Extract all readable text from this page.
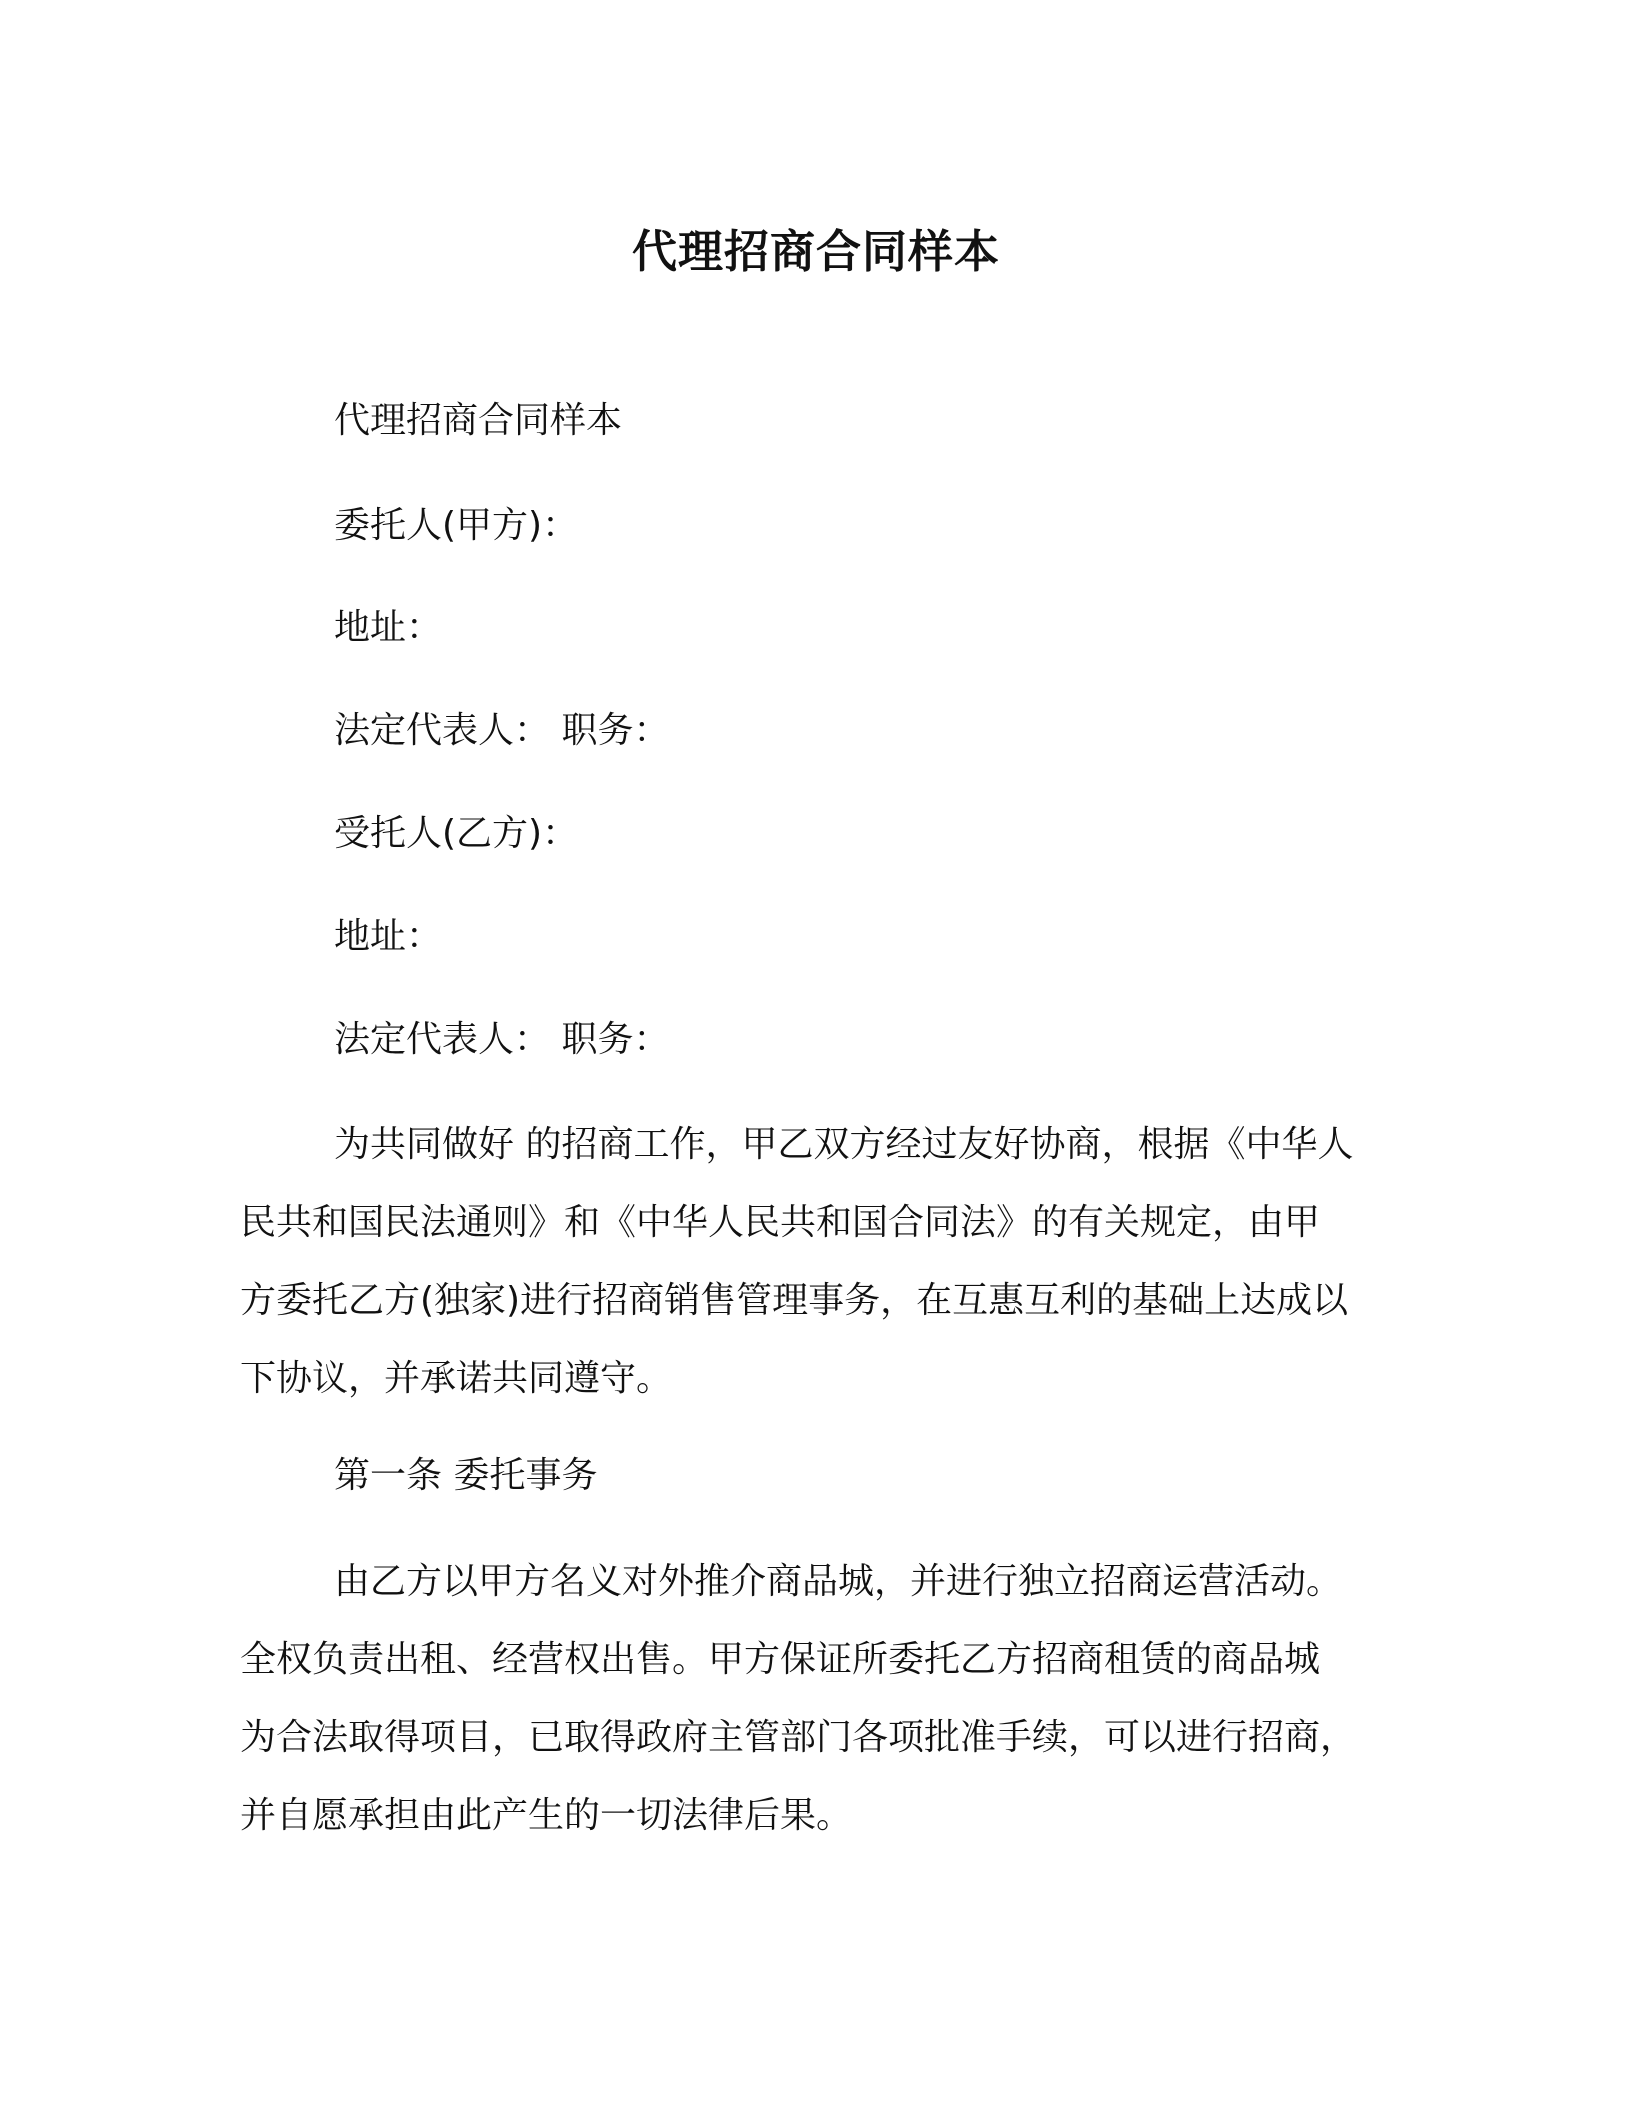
代理招商合同样本
代理招商合同样本
委托人(甲方)：
地址：
法定代表人： 职务：
受托人(乙方)：
地址：
法定代表人： 职务：
为共同做好 的招商工作，甲乙双方经过友好协商，根据《中华人
民共和国民法通则》和《中华人民共和国合同法》的有关规定，由甲
方委托乙方(独家)进行招商销售管理事务，在互惠互利的基础上达成以
下协议，并承诺共同遵守。
第一条 委托事务
由乙方以甲方名义对外推介商品城，并进行独立招商运营活动。
全权负责出租、经营权出售。甲方保证所委托乙方招商租赁的商品城
为合法取得项目，已取得政府主管部门各项批准手续，可以进行招商，
并自愿承担由此产生的一切法律后果。
